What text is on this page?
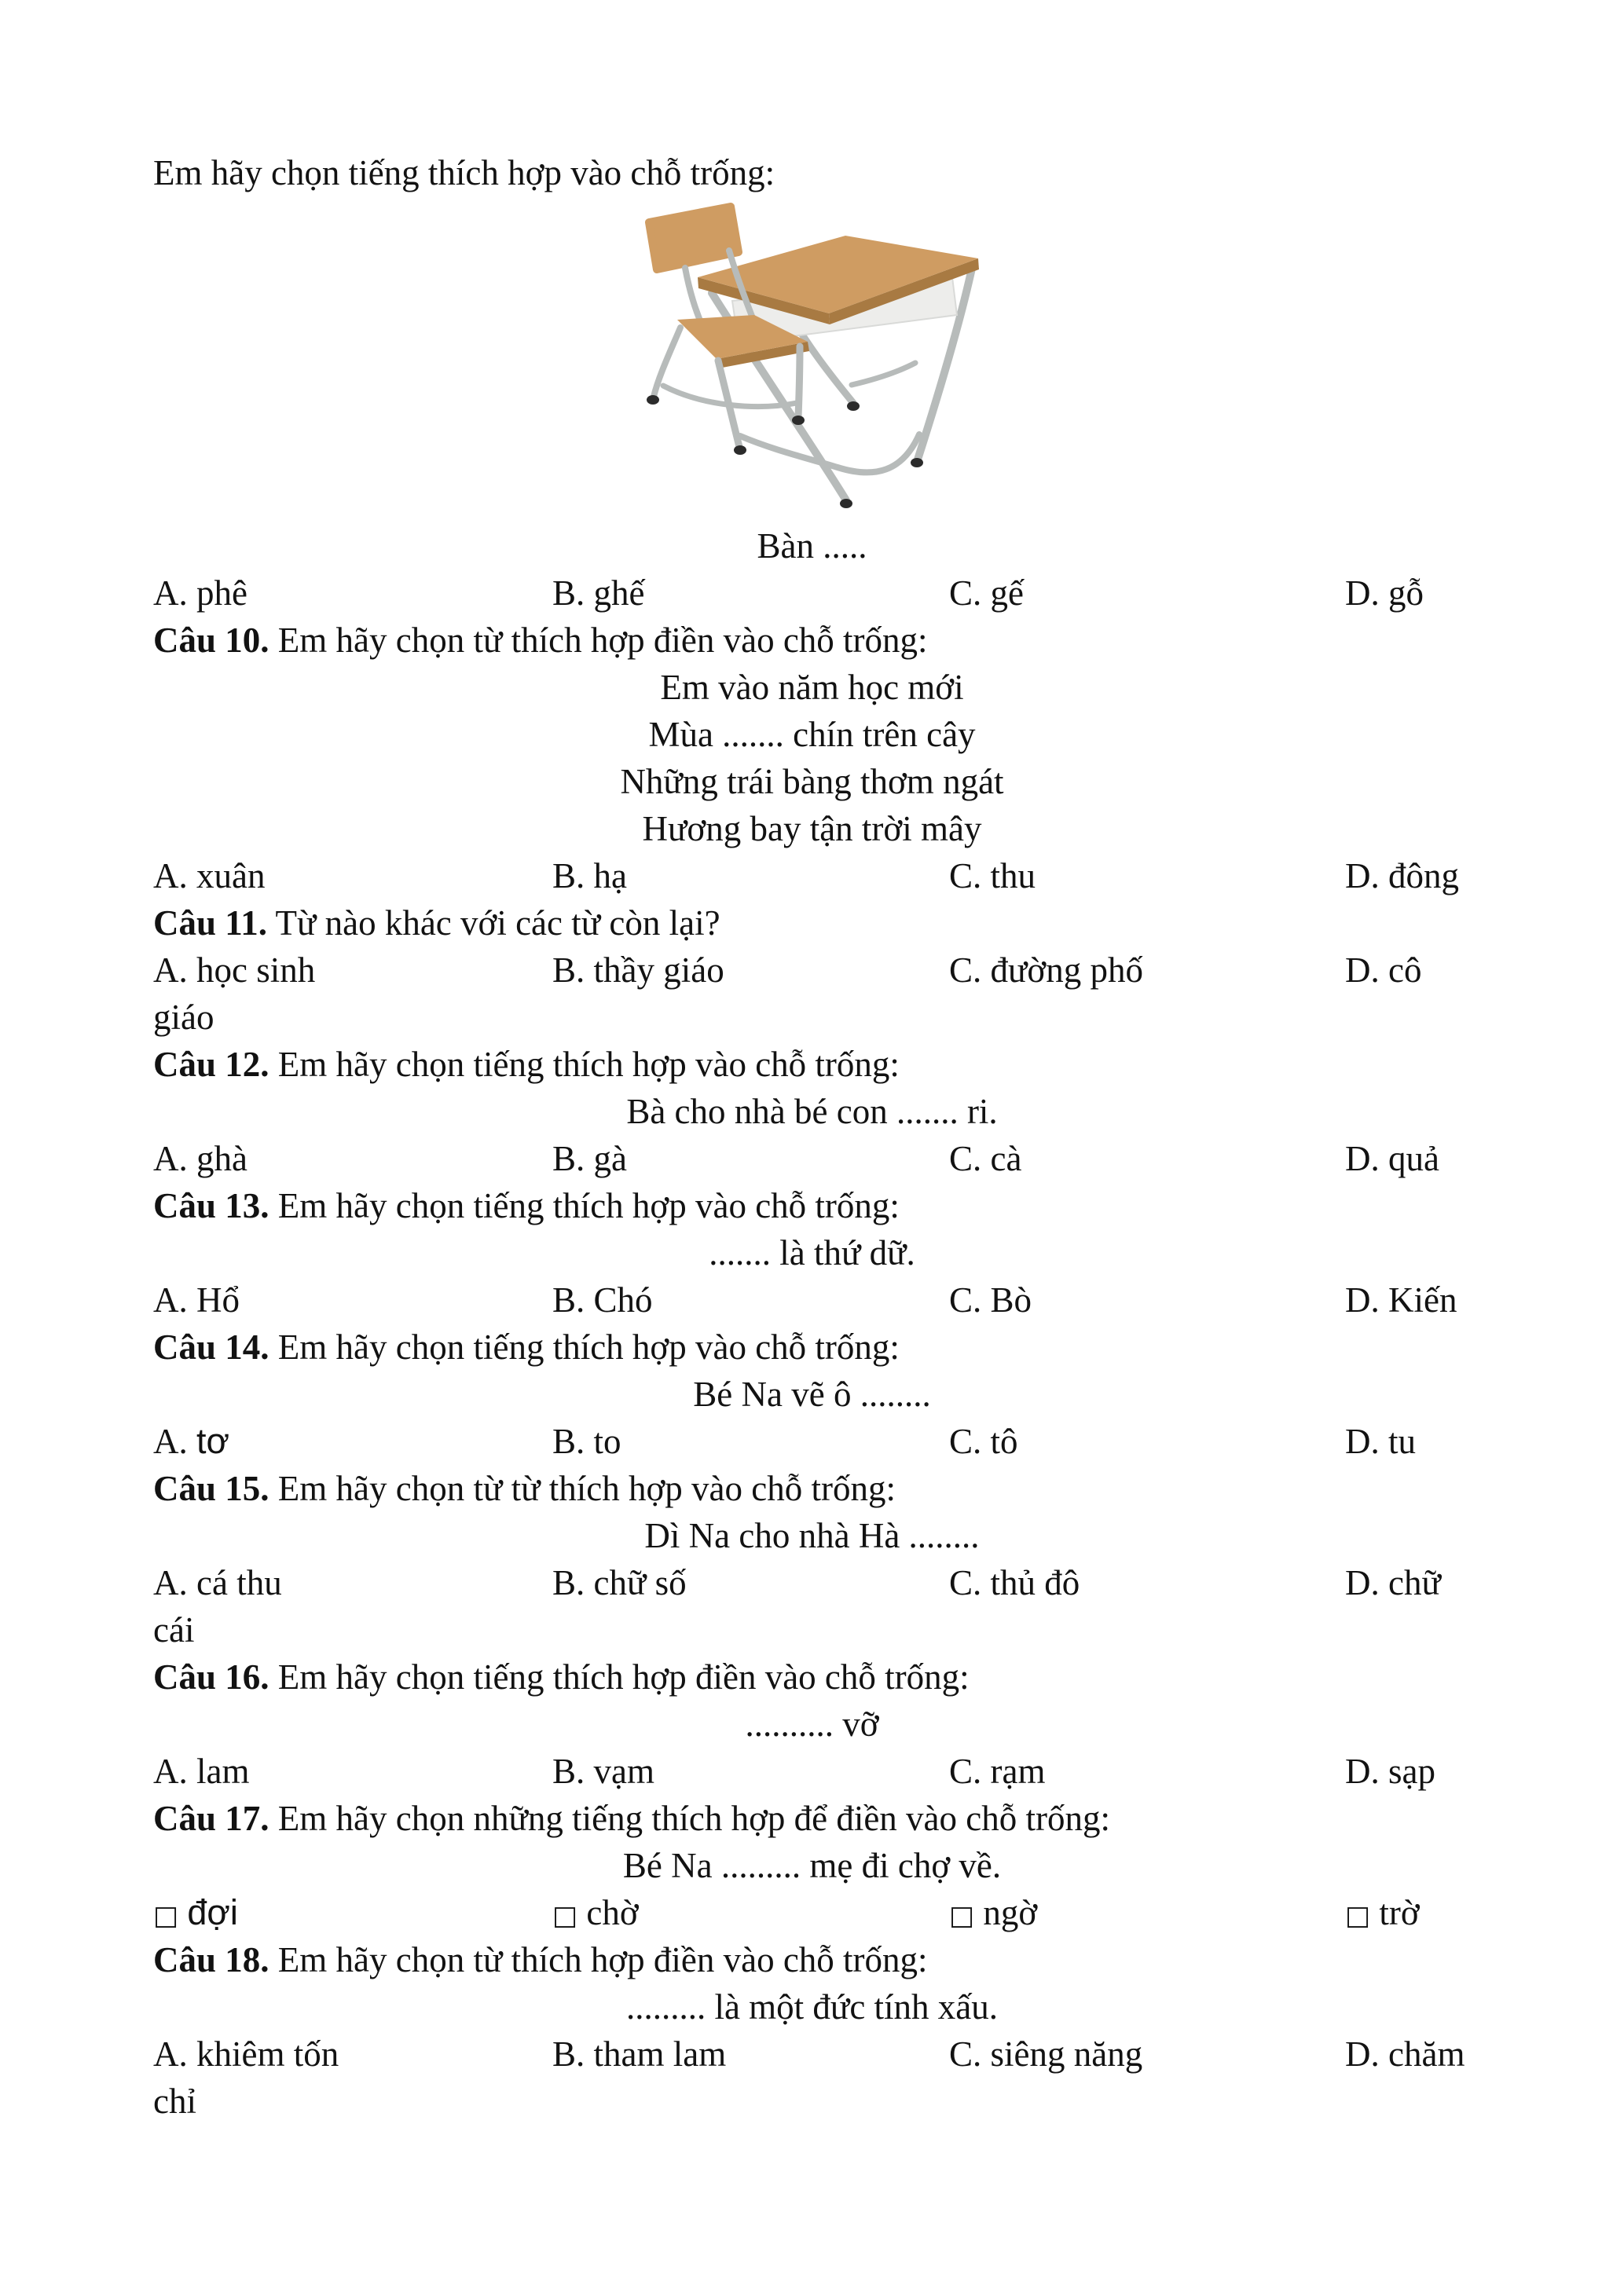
Em hãy chọn tiếng thích hợp vào chỗ trống:

Bàn .....

A. phê	B. ghế	C. gế	D. gỗ

Câu 10. Em hãy chọn từ thích hợp điền vào chỗ trống:

Em vào năm học mới

Mùa ....... chín trên cây

Những trái bàng thơm ngát

Hương bay tận trời mây

A. xuân	B. hạ	C. thu	D. đông

Câu 11. Từ nào khác với các từ còn lại?

A. học sinh	B. thầy giáo	C. đường phố	D. cô

giáo

Câu 12. Em hãy chọn tiếng thích hợp vào chỗ trống:

Bà cho nhà bé con ....... ri.

A. ghà	B. gà	C. cà	D. quả

Câu 13. Em hãy chọn tiếng thích hợp vào chỗ trống:

....... là thứ dữ.

A. Hổ	B. Chó	C. Bò	D. Kiến

Câu 14. Em hãy chọn tiếng thích hợp vào chỗ trống:

Bé Na vẽ ô ........

A. tơ	B. to	C. tô	D. tu

Câu 15. Em hãy chọn từ từ thích hợp vào chỗ trống:

Dì Na cho nhà Hà ........

A. cá thu	B. chữ số	C. thủ đô	D. chữ

cái

Câu 16. Em hãy chọn tiếng thích hợp điền vào chỗ trống:

.......... vỡ

A. lam	B. vạm	C. rạm	D. sạp

Câu 17. Em hãy chọn những tiếng thích hợp để điền vào chỗ trống:

Bé Na ......... mẹ đi chợ về.

□ đợi	□ chờ	□ ngờ	□ trờ

Câu 18. Em hãy chọn từ thích hợp điền vào chỗ trống:

......... là một đức tính xấu.

A. khiêm tốn	B. tham lam	C. siêng năng	D. chăm

chỉ
